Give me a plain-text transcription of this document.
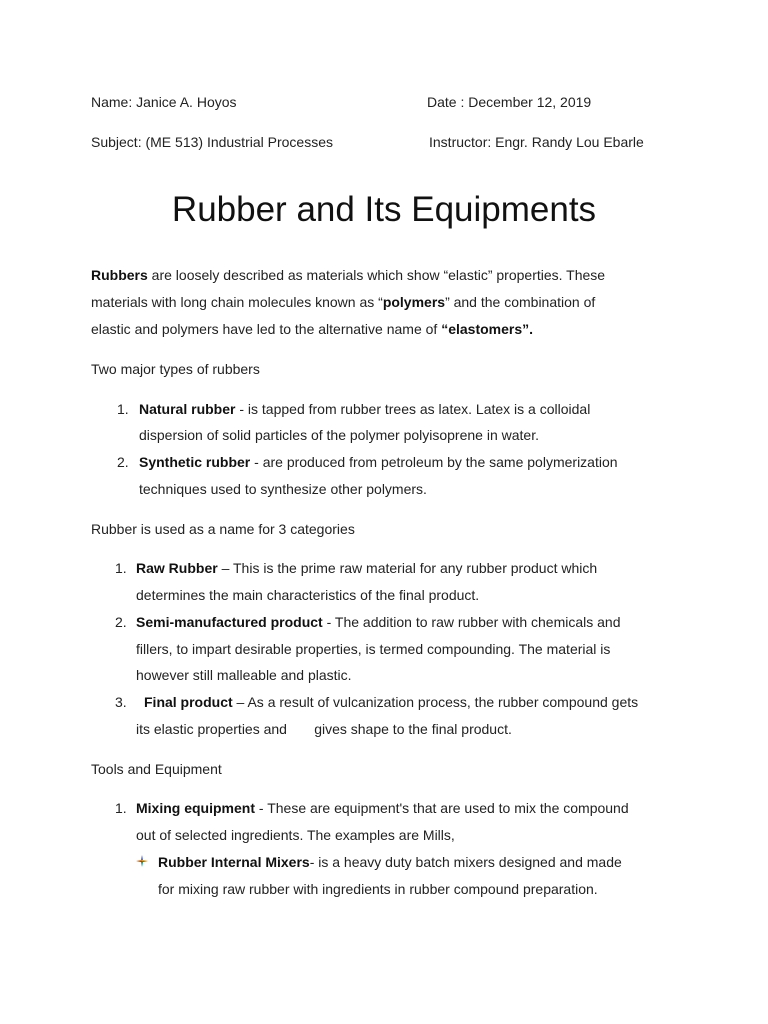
Name: Janice A. Hoyos	Date : December 12, 2019
Subject: (ME 513) Industrial Processes	Instructor: Engr. Randy Lou Ebarle
Rubber and Its Equipments
Rubbers are loosely described as materials which show “elastic” properties. These
materials with long chain molecules known as “polymers” and the combination of
elastic and polymers have led to the alternative name of “elastomers”.
Two major types of rubbers
1. Natural rubber - is tapped from rubber trees as latex. Latex is a colloidal
dispersion of solid particles of the polymer polyisoprene in water.
2. Synthetic rubber - are produced from petroleum by the same polymerization
techniques used to synthesize other polymers.
Rubber is used as a name for 3 categories
1. Raw Rubber – This is the prime raw material for any rubber product which
determines the main characteristics of the final product.
2. Semi-manufactured product - The addition to raw rubber with chemicals and
fillers, to impart desirable properties, is termed compounding. The material is
however still malleable and plastic.
3. Final product – As a result of vulcanization process, the rubber compound gets
its elastic properties and       gives shape to the final product.
Tools and Equipment
1. Mixing equipment - These are equipment's that are used to mix the compound
out of selected ingredients. The examples are Mills,
Rubber Internal Mixers- is a heavy duty batch mixers designed and made
for mixing raw rubber with ingredients in rubber compound preparation.
